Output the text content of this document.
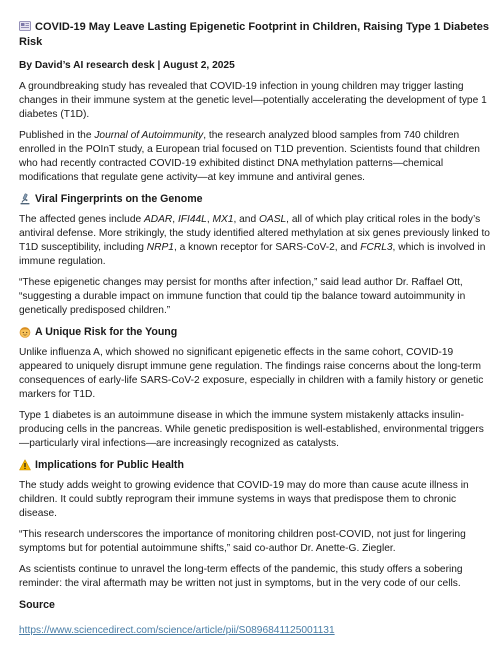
COVID-19 May Leave Lasting Epigenetic Footprint in Children, Raising Type 1 Diabetes Risk
By David’s AI research desk | August 2, 2025

A groundbreaking study has revealed that COVID-19 infection in young children may trigger lasting changes in their immune system at the genetic level—potentially accelerating the development of type 1 diabetes (T1D).

Published in the Journal of Autoimmunity, the research analyzed blood samples from 740 children enrolled in the POInT study, a European trial focused on T1D prevention. Scientists found that children who had recently contracted COVID-19 exhibited distinct DNA methylation patterns—chemical modifications that regulate gene activity—at key immune and antiviral genes.

Viral Fingerprints on the Genome

The affected genes include ADAR, IFI44L, MX1, and OASL, all of which play critical roles in the body’s antiviral defense. More strikingly, the study identified altered methylation at six genes previously linked to T1D susceptibility, including NRP1, a known receptor for SARS-CoV-2, and FCRL3, which is involved in immune regulation.

“These epigenetic changes may persist for months after infection,” said lead author Dr. Raffael Ott, “suggesting a durable impact on immune function that could tip the balance toward autoimmunity in genetically predisposed children.”

A Unique Risk for the Young

Unlike influenza A, which showed no significant epigenetic effects in the same cohort, COVID-19 appeared to uniquely disrupt immune gene regulation. The findings raise concerns about the long-term consequences of early-life SARS-CoV-2 exposure, especially in children with a family history or genetic markers for T1D.

Type 1 diabetes is an autoimmune disease in which the immune system mistakenly attacks insulin-producing cells in the pancreas. While genetic predisposition is well-established, environmental triggers—particularly viral infections—are increasingly recognized as catalysts.

Implications for Public Health

The study adds weight to growing evidence that COVID-19 may do more than cause acute illness in children. It could subtly reprogram their immune systems in ways that predispose them to chronic disease.

“This research underscores the importance of monitoring children post-COVID, not just for lingering symptoms but for potential autoimmune shifts,” said co-author Dr. Anette-G. Ziegler.

As scientists continue to unravel the long-term effects of the pandemic, this study offers a sobering reminder: the viral aftermath may be written not just in symptoms, but in the very code of our cells.

Source
https://www.sciencedirect.com/science/article/pii/S0896841125001131
